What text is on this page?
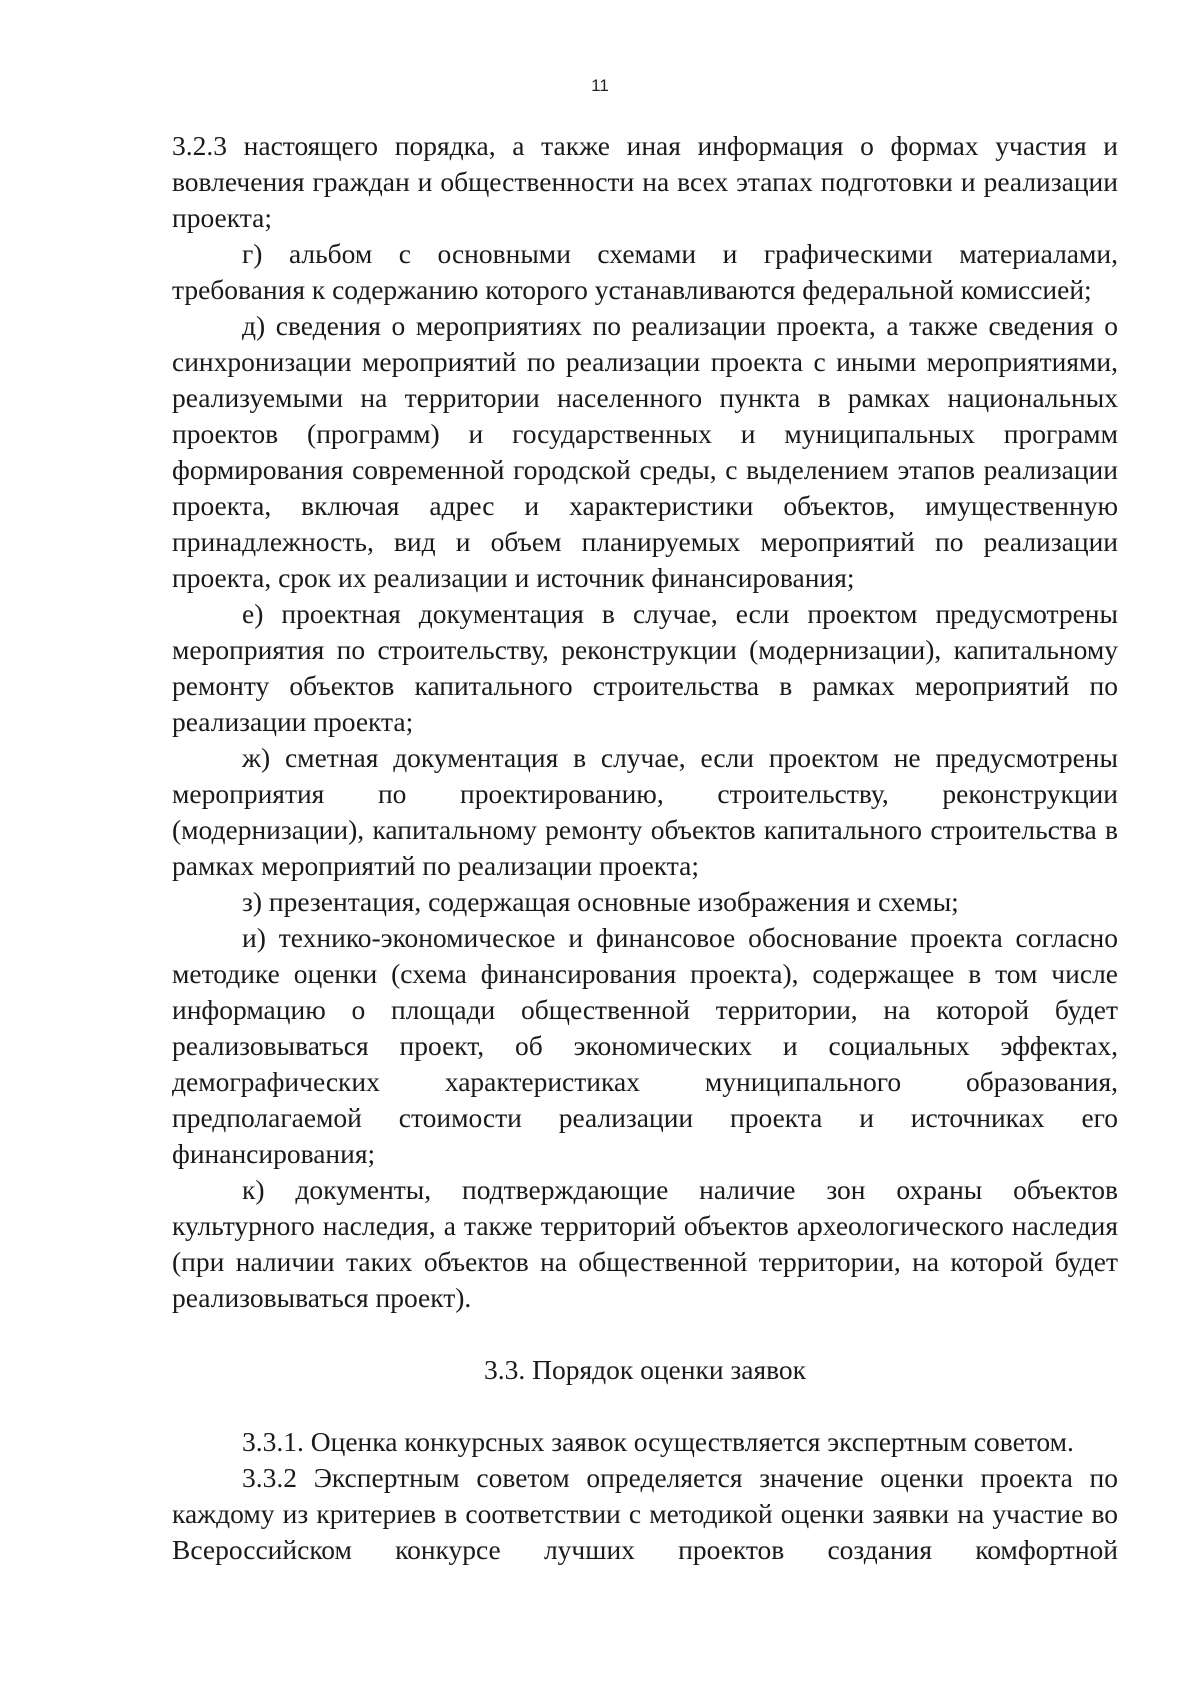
11

3.2.3 настоящего порядка, а также иная информация о формах участия и вовлечения граждан и общественности на всех этапах подготовки и реализации проекта;

г) альбом с основными схемами и графическими материалами, требования к содержанию которого устанавливаются федеральной комиссией;

д) сведения о мероприятиях по реализации проекта, а также сведения о синхронизации мероприятий по реализации проекта с иными мероприятиями, реализуемыми на территории населенного пункта в рамках национальных проектов (программ) и государственных и муниципальных программ формирования современной городской среды, с выделением этапов реализации проекта, включая адрес и характеристики объектов, имущественную принадлежность, вид и объем планируемых мероприятий по реализации проекта, срок их реализации и источник финансирования;

е) проектная документация в случае, если проектом предусмотрены мероприятия по строительству, реконструкции (модернизации), капитальному ремонту объектов капитального строительства в рамках мероприятий по реализации проекта;

ж) сметная документация в случае, если проектом не предусмотрены мероприятия по проектированию, строительству, реконструкции (модернизации), капитальному ремонту объектов капитального строительства в рамках мероприятий по реализации проекта;

з) презентация, содержащая основные изображения и схемы;

и) технико-экономическое и финансовое обоснование проекта согласно методике оценки (схема финансирования проекта), содержащее в том числе информацию о площади общественной территории, на которой будет реализовываться проект, об экономических и социальных эффектах, демографических характеристиках муниципального образования, предполагаемой стоимости реализации проекта и источниках его финансирования;

к) документы, подтверждающие наличие зон охраны объектов культурного наследия, а также территорий объектов археологического наследия (при наличии таких объектов на общественной территории, на которой будет реализовываться проект).

3.3. Порядок оценки заявок

3.3.1. Оценка конкурсных заявок осуществляется экспертным советом.

3.3.2 Экспертным советом определяется значение оценки проекта по каждому из критериев в соответствии с методикой оценки заявки на участие во Всероссийском конкурсе лучших проектов создания комфортной
